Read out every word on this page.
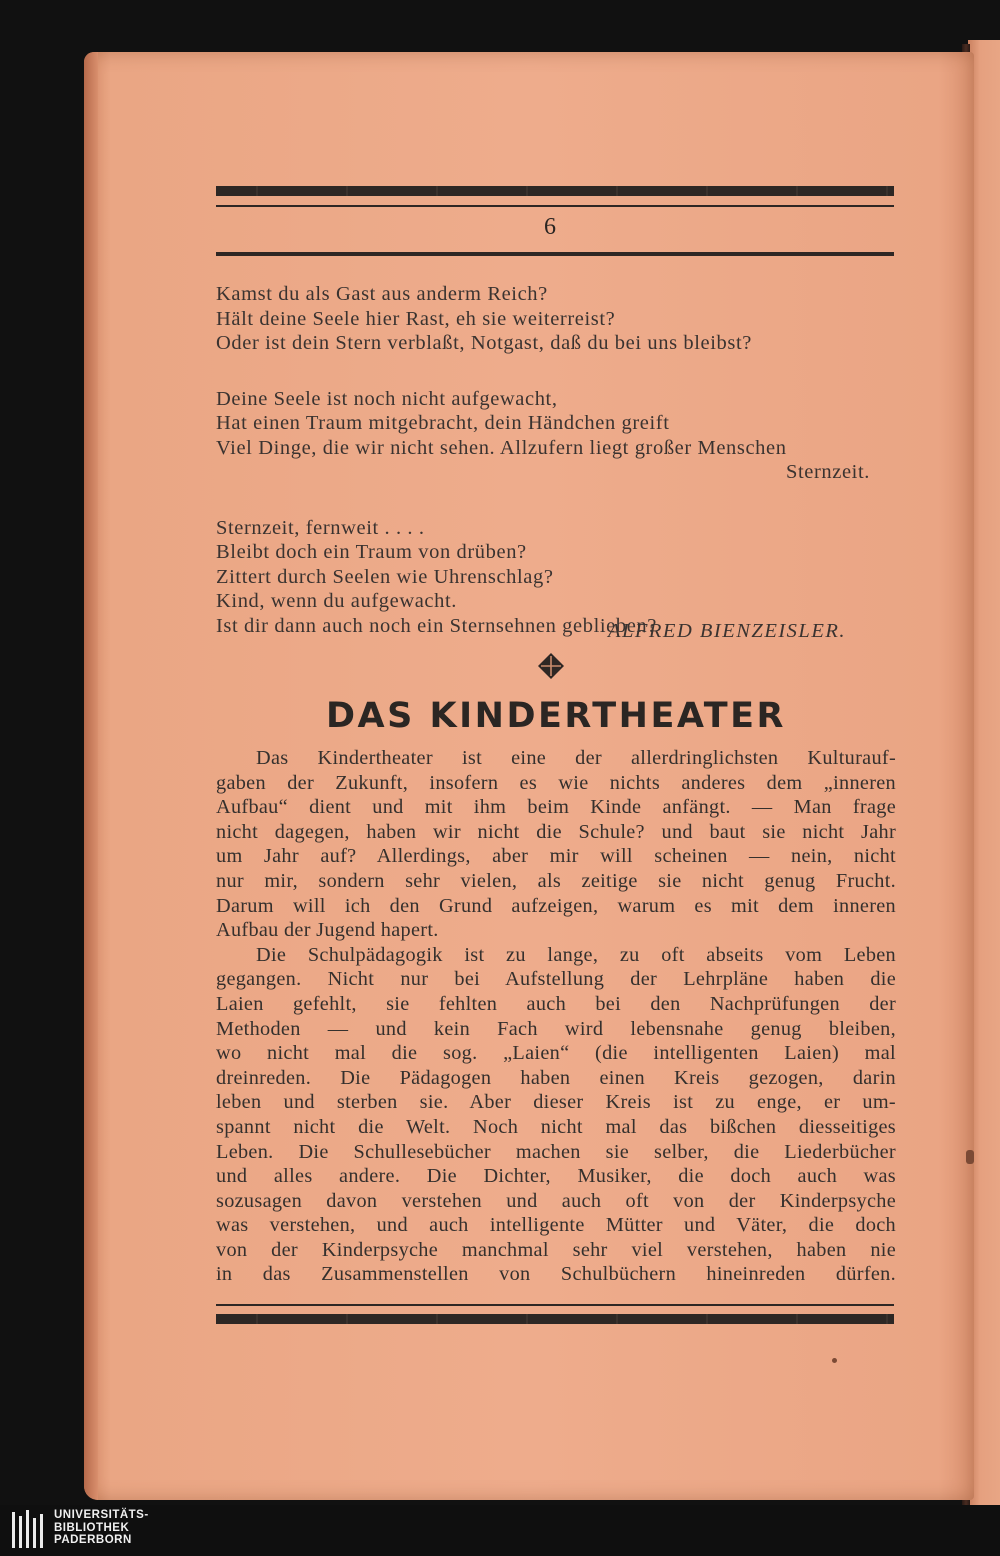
6
Kamst du als Gast aus anderm Reich?
Hält deine Seele hier Rast, eh sie weiterreist?
Oder ist dein Stern verblaßt, Notgast, daß du bei uns bleibst?
Deine Seele ist noch nicht aufgewacht,
Hat einen Traum mitgebracht, dein Händchen greift
Viel Dinge, die wir nicht sehen. Allzufern liegt großer Menschen
Sternzeit.
Sternzeit, fernweit . . . .
Bleibt doch ein Traum von drüben?
Zittert durch Seelen wie Uhrenschlag?
Kind, wenn du aufgewacht.
Ist dir dann auch noch ein Sternsehnen geblieben?
ALFRED BIENZEISLER.
DAS KINDERTHEATER
Das Kindertheater ist eine der allerdringlichsten Kulturauf-
gaben der Zukunft, insofern es wie nichts anderes dem „inneren
Aufbau“ dient und mit ihm beim Kinde anfängt. — Man frage
nicht dagegen, haben wir nicht die Schule? und baut sie nicht Jahr
um Jahr auf? Allerdings, aber mir will scheinen — nein, nicht
nur mir, sondern sehr vielen, als zeitige sie nicht genug Frucht.
Darum will ich den Grund aufzeigen, warum es mit dem inneren
Aufbau der Jugend hapert.
Die Schulpädagogik ist zu lange, zu oft abseits vom Leben
gegangen. Nicht nur bei Aufstellung der Lehrpläne haben die
Laien gefehlt, sie fehlten auch bei den Nachprüfungen der
Methoden — und kein Fach wird lebensnahe genug bleiben,
wo nicht mal die sog. „Laien“ (die intelligenten Laien) mal
dreinreden. Die Pädagogen haben einen Kreis gezogen, darin
leben und sterben sie. Aber dieser Kreis ist zu enge, er um-
spannt nicht die Welt. Noch nicht mal das bißchen diesseitiges
Leben. Die Schullesebücher machen sie selber, die Liederbücher
und alles andere. Die Dichter, Musiker, die doch auch was
sozusagen davon verstehen und auch oft von der Kinderpsyche
was verstehen, und auch intelligente Mütter und Väter, die doch
von der Kinderpsyche manchmal sehr viel verstehen, haben nie
in das Zusammenstellen von Schulbüchern hineinreden dürfen.
UNIVERSITÄTS-
BIBLIOTHEK
PADERBORN
